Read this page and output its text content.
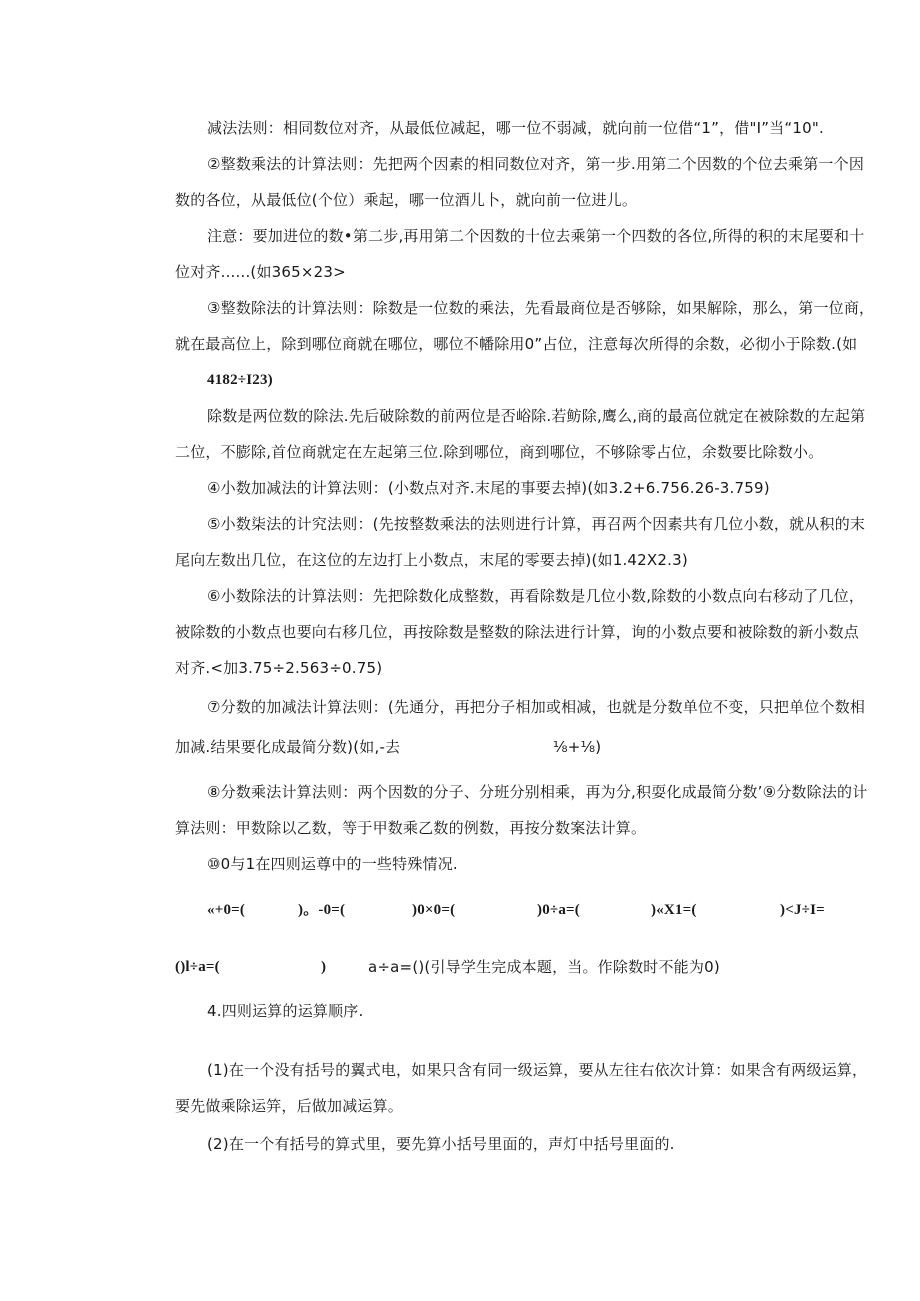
减法法则：相同数位对齐，从最低位减起，哪一位不弱减，就向前一位借“1”，借"I”当“10".
②整数乘法的计算法则：先把两个因素的相同数位对齐，第一步.用第二个因数的个位去乘第一个因
数的各位，从最低位(个位）乘起，哪一位酒儿卜，就向前一位进儿。
注意：要加进位的数•第二步,再用第二个因数的十位去乘第一个四数的各位,所得的积的末尾要和十
位对齐......(如365×23>
③整数除法的计算法则：除数是一位数的乘法，先看最商位是否够除，如果解除，那么，第一位商，
就在最高位上，除到哪位商就在哪位，哪位不幡除用0”占位，注意每次所得的余数，必彻小于除数.(如
4182÷I23)
除数是两位数的除法.先后破除数的前两位是否峪除.若鲂除,鹰么,商的最高位就定在被除数的左起第
二位，不膨除,首位商就定在左起第三位.除到哪位，商到哪位，不够除零占位，余数要比除数小。
④小数加减法的计算法则：(小数点对齐.末尾的事要去掉)(如3.2+6.756.26-3.759)
⑤小数柒法的计究法则：(先按整数乘法的法则进行计算，再召两个因素共有几位小数，就从积的末
尾向左数出几位，在这位的左边打上小数点，末尾的零要去掉)(如1.42X2.3)
⑥小数除法的计算法则：先把除数化成整数，再看除数是几位小数,除数的小数点向右移动了几位，
被除数的小数点也要向右移几位，再按除数是整数的除法进行计算，询的小数点要和被除数的新小数点
对齐.<加3.75÷2.563÷0.75)
⑦分数的加减法计算法则：(先通分，再把分子相加或相减，也就是分数单位不变，只把单位个数相
加减.结果要化成最简分数)(如,-去	⅛+⅛)
⑧分数乘法计算法则：两个因数的分子、分班分别相乘，再为分,积耍化成最简分数’⑨分数除法的计
算法则：甲数除以乙数，等于甲数乘乙数的例数，再按分数案法计算。
⑩0与1在四则运尊中的一些特殊情况.
«+0=(	)。-0=(	)0×0=(	)0÷a=(	)«X1=(	)<J÷I=
()l÷a=(	)	a÷a=()(引导学生完成本题，当。作除数时不能为0)
4.四则运算的运算顺序.
(1)在一个没有括号的翼式电，如果只含有同一级运算，要从左往右依次计算：如果含有两级运算，
要先做乘除运笄，后做加减运算。
(2)在一个有括号的算式里，要先算小括号里面的，声灯中括号里面的.
